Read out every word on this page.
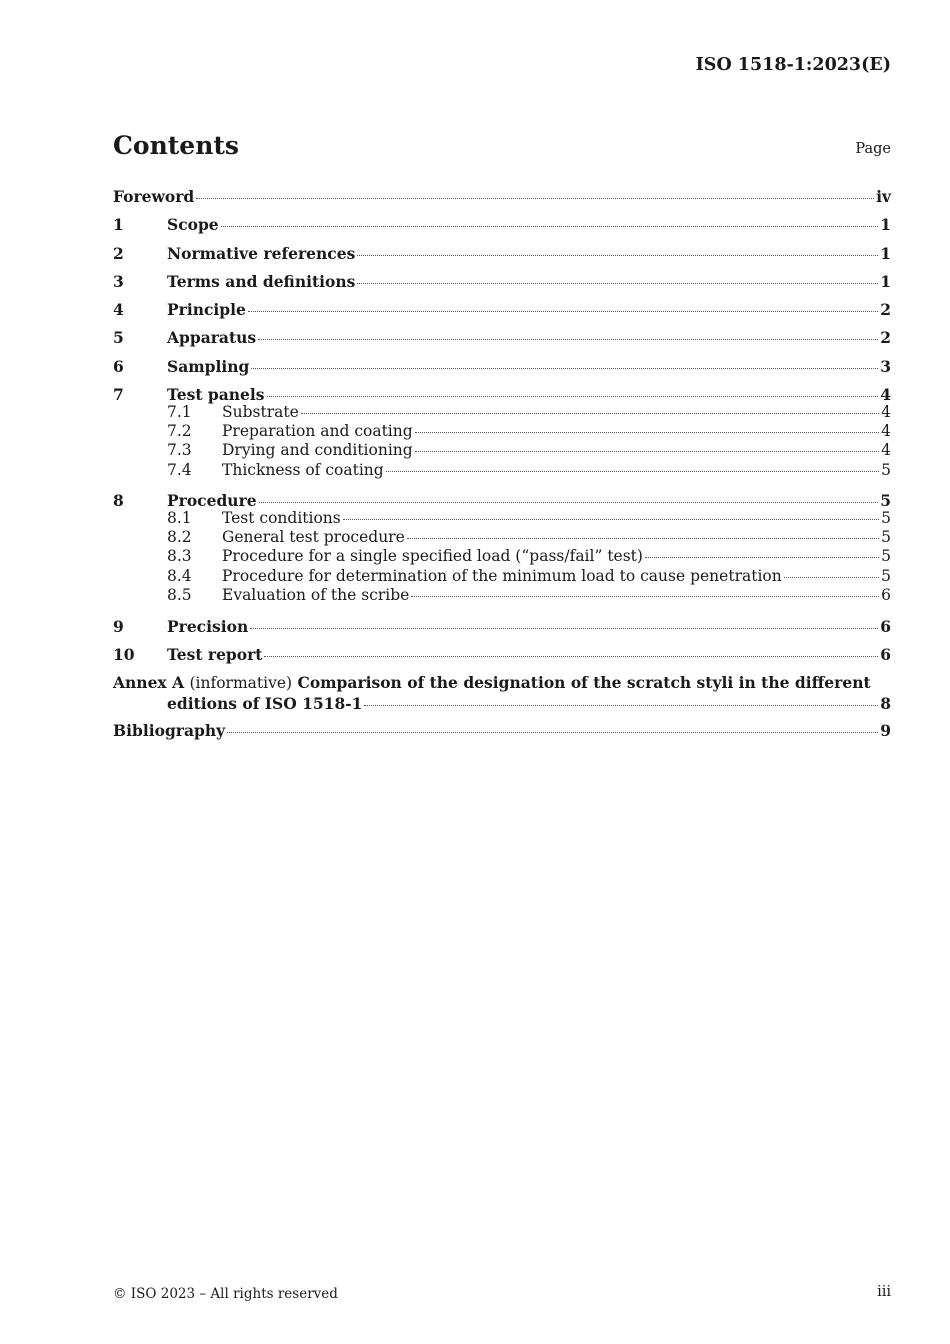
ISO 1518-1:2023(E)
Contents	Page
Foreword	iv
1	Scope	1
2	Normative references	1
3	Terms and definitions	1
4	Principle	2
5	Apparatus	2
6	Sampling	3
7	Test panels	4
7.1	Substrate	4
7.2	Preparation and coating	4
7.3	Drying and conditioning	4
7.4	Thickness of coating	5
8	Procedure	5
8.1	Test conditions	5
8.2	General test procedure	5
8.3	Procedure for a single specified load (“pass/fail” test)	5
8.4	Procedure for determination of the minimum load to cause penetration	5
8.5	Evaluation of the scribe	6
9	Precision	6
10	Test report	6
Annex A (informative) Comparison of the designation of the scratch styli in the different
editions of ISO 1518-1	8
Bibliography	9
© ISO 2023 – All rights reserved	iii
